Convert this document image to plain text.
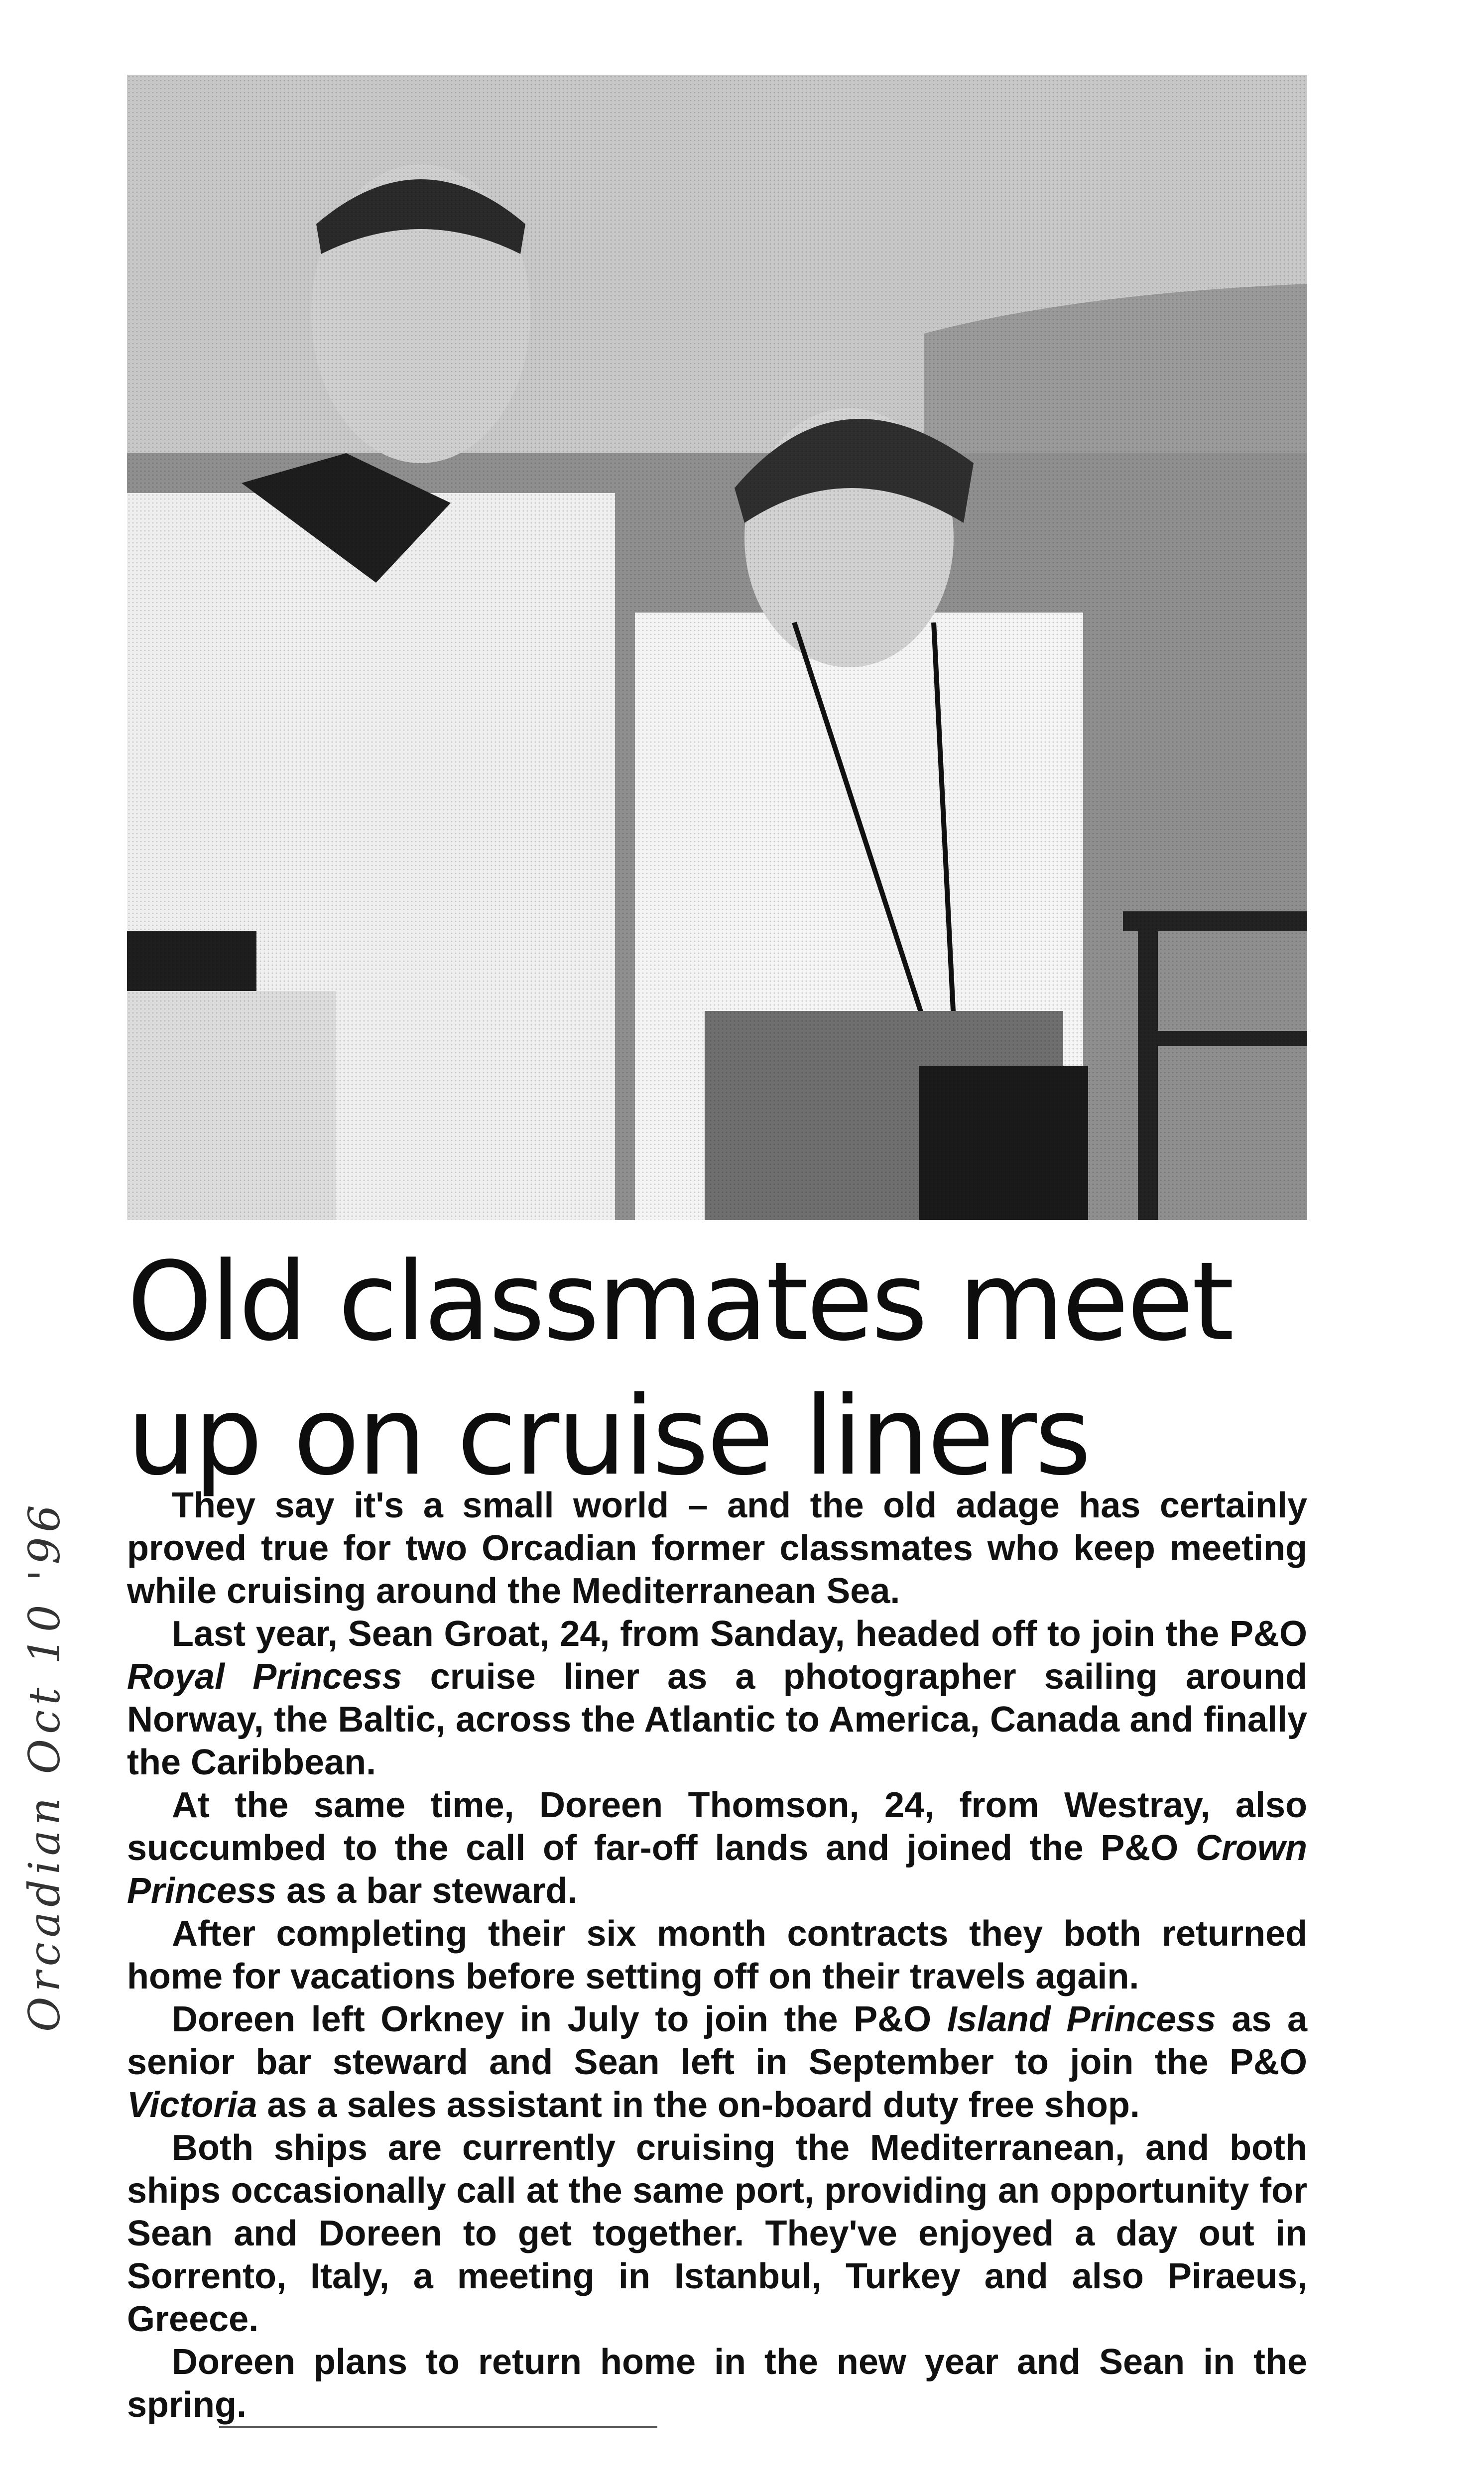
Old classmates meet
up on cruise liners

They say it's a small world – and the old adage has certainly proved true for two Orcadian former classmates who keep meeting while cruising around the Mediterranean Sea.

Last year, Sean Groat, 24, from Sanday, headed off to join the P&O Royal Princess cruise liner as a photographer sailing around Norway, the Baltic, across the Atlantic to America, Canada and finally the Caribbean.

At the same time, Doreen Thomson, 24, from Westray, also succumbed to the call of far-off lands and joined the P&O Crown Princess as a bar steward.

After completing their six month contracts they both returned home for vacations before setting off on their travels again.

Doreen left Orkney in July to join the P&O Island Princess as a senior bar steward and Sean left in September to join the P&O Victoria as a sales assistant in the on-board duty free shop.

Both ships are currently cruising the Mediterranean, and both ships occasionally call at the same port, providing an opportunity for Sean and Doreen to get together. They've enjoyed a day out in Sorrento, Italy, a meeting in Istanbul, Turkey and also Piraeus, Greece.

Doreen plans to return home in the new year and Sean in the spring.

Orcadian Oct 10 '96
